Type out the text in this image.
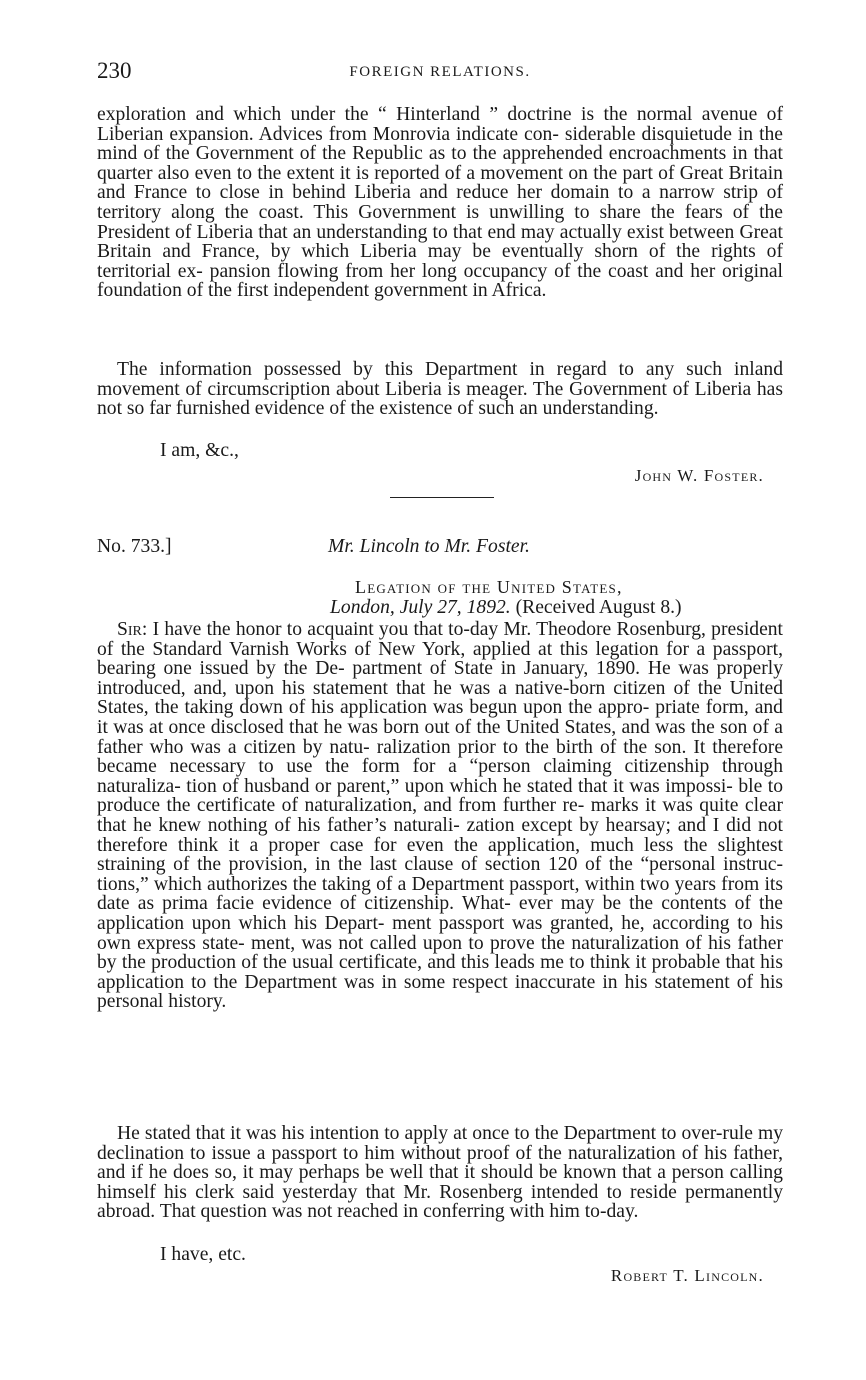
230	FOREIGN RELATIONS.
exploration and which under the “ Hinterland ” doctrine is the normal avenue of Liberian expansion. Advices from Monrovia indicate con- siderable disquietude in the mind of the Government of the Republic as to the apprehended encroachments in that quarter also even to the extent it is reported of a movement on the part of Great Britain and France to close in behind Liberia and reduce her domain to a narrow strip of territory along the coast. This Government is unwilling to share the fears of the President of Liberia that an understanding to that end may actually exist between Great Britain and France, by which Liberia may be eventually shorn of the rights of territorial ex- pansion flowing from her long occupancy of the coast and her original foundation of the first independent government in Africa.
The information possessed by this Department in regard to any such inland movement of circumscription about Liberia is meager. The Government of Liberia has not so far furnished evidence of the existence of such an understanding.
I am, &c.,
John W. Foster.
No. 733.]	Mr. Lincoln to Mr. Foster.
Legation of the United States,
London, July 27, 1892. (Received August 8.)
Sir: I have the honor to acquaint you that to-day Mr. Theodore Rosenburg, president of the Standard Varnish Works of New York, applied at this legation for a passport, bearing one issued by the De- partment of State in January, 1890. He was properly introduced, and, upon his statement that he was a native-born citizen of the United States, the taking down of his application was begun upon the appro- priate form, and it was at once disclosed that he was born out of the United States, and was the son of a father who was a citizen by natu- ralization prior to the birth of the son. It therefore became necessary to use the form for a “person claiming citizenship through naturaliza- tion of husband or parent,” upon which he stated that it was impossi- ble to produce the certificate of naturalization, and from further re- marks it was quite clear that he knew nothing of his father’s naturali- zation except by hearsay; and I did not therefore think it a proper case for even the application, much less the slightest straining of the provision, in the last clause of section 120 of the “personal instruc- tions,” which authorizes the taking of a Department passport, within two years from its date as prima facie evidence of citizenship. What- ever may be the contents of the application upon which his Depart- ment passport was granted, he, according to his own express state- ment, was not called upon to prove the naturalization of his father by the production of the usual certificate, and this leads me to think it probable that his application to the Department was in some respect inaccurate in his statement of his personal history.
He stated that it was his intention to apply at once to the Department to over-rule my declination to issue a passport to him without proof of the naturalization of his father, and if he does so, it may perhaps be well that it should be known that a person calling himself his clerk said yesterday that Mr. Rosenberg intended to reside permanently abroad. That question was not reached in conferring with him to-day.
I have, etc.
Robert T. Lincoln.
